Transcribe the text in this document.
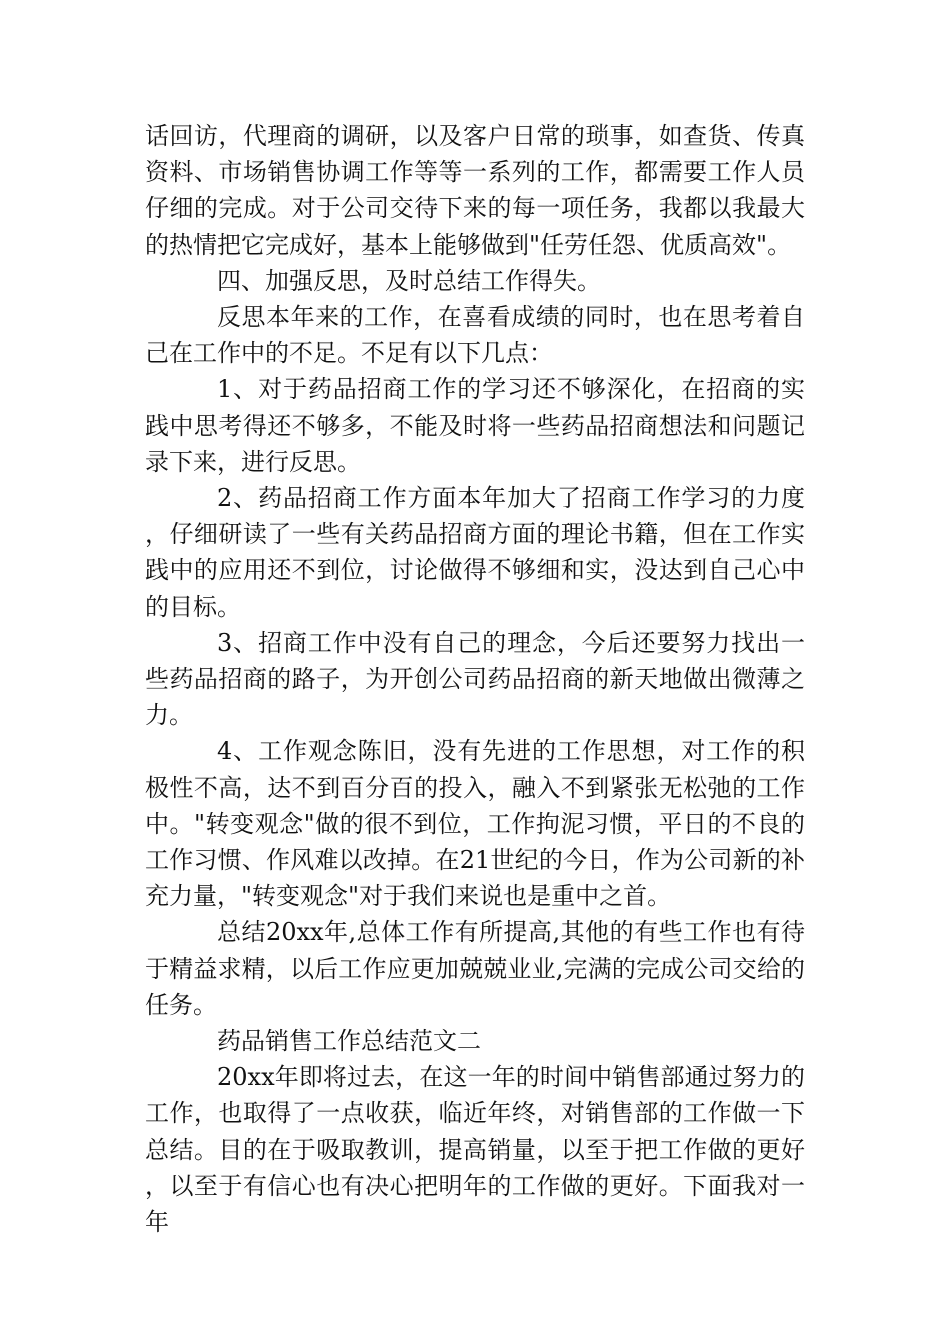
话回访，代理商的调研，以及客户日常的琐事，如查货、传真资料、市场销售协调工作等等一系列的工作，都需要工作人员仔细的完成。对于公司交待下来的每一项任务，我都以我最大的热情把它完成好，基本上能够做到"任劳任怨、优质高效"。

四、加强反思，及时总结工作得失。

反思本年来的工作，在喜看成绩的同时，也在思考着自己在工作中的不足。不足有以下几点：

1、对于药品招商工作的学习还不够深化，在招商的实践中思考得还不够多，不能及时将一些药品招商想法和问题记录下来，进行反思。

2、药品招商工作方面本年加大了招商工作学习的力度，仔细研读了一些有关药品招商方面的理论书籍，但在工作实践中的应用还不到位，讨论做得不够细和实，没达到自己心中的目标。

3、招商工作中没有自己的理念，今后还要努力找出一些药品招商的路子，为开创公司药品招商的新天地做出微薄之力。

4、工作观念陈旧，没有先进的工作思想，对工作的积极性不高，达不到百分百的投入，融入不到紧张无松弛的工作中。"转变观念"做的很不到位，工作拘泥习惯，平日的不良的工作习惯、作风难以改掉。在21世纪的今日，作为公司新的补充力量，"转变观念"对于我们来说也是重中之首。

总结20xx年,总体工作有所提高,其他的有些工作也有待于精益求精，以后工作应更加兢兢业业,完满的完成公司交给的任务。

药品销售工作总结范文二

20xx年即将过去，在这一年的时间中销售部通过努力的工作，也取得了一点收获，临近年终，对销售部的工作做一下总结。目的在于吸取教训，提高销量，以至于把工作做的更好，以至于有信心也有决心把明年的工作做的更好。下面我对一年
